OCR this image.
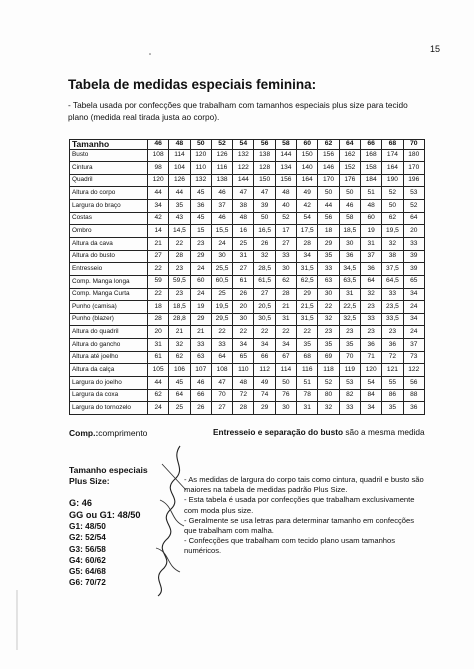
15
Tabela de medidas especiais feminina:

- Tabela usada por confecções que trabalham com tamanhos especiais plus size para tecido plano (medida real tirada justa ao corpo).

Tamanho	46	48	50	52	54	56	58	60	62	64	66	68	70
Busto	108	114	120	126	132	138	144	150	156	162	168	174	180
Cintura	98	104	110	116	122	128	134	140	146	152	158	164	170
Quadril	120	126	132	138	144	150	156	164	170	176	184	190	196
Altura do corpo	44	44	45	46	47	47	48	49	50	50	51	52	53
Largura do braço	34	35	36	37	38	39	40	42	44	46	48	50	52
Costas	42	43	45	46	48	50	52	54	56	58	60	62	64
Ombro	14	14,5	15	15,5	16	16,5	17	17,5	18	18,5	19	19,5	20
Altura da cava	21	22	23	24	25	26	27	28	29	30	31	32	33
Altura do busto	27	28	29	30	31	32	33	34	35	36	37	38	39
Entresseio	22	23	24	25,5	27	28,5	30	31,5	33	34,5	36	37,5	39
Comp. Manga longa	59	59,5	60	60,5	61	61,5	62	62,5	63	63,5	64	64,5	65
Comp. Manga Curta	22	23	24	25	26	27	28	29	30	31	32	33	34
Punho (camisa)	18	18,5	19	19,5	20	20,5	21	21,5	22	22,5	23	23,5	24
Punho (blazer)	28	28,8	29	29,5	30	30,5	31	31,5	32	32,5	33	33,5	34
Altura do quadril	20	21	21	22	22	22	22	22	23	23	23	23	24
Altura do gancho	31	32	33	33	34	34	34	35	35	35	36	36	37
Altura até joelho	61	62	63	64	65	66	67	68	69	70	71	72	73
Altura da calça	105	106	107	108	110	112	114	116	118	119	120	121	122
Largura do joelho	44	45	46	47	48	49	50	51	52	53	54	55	56
Largura da coxa	62	64	66	70	72	74	76	78	80	82	84	86	88
Largura do tornozelo	24	25	26	27	28	29	30	31	32	33	34	35	36
Comp.:comprimento	Entresseio e separação do busto são a mesma medida
Tamanho especiais
Plus Size:
G: 46
GG ou G1: 48/50
G1: 48/50
G2: 52/54
G3: 56/58
G4: 60/62
G5: 64/68
G6: 70/72

- As medidas de largura do corpo tais como cintura, quadril e busto são maiores na tabela de medidas padrão Plus Size.

- Esta tabela é usada por confecções que trabalham exclusivamente com moda plus size.

- Geralmente se usa letras para determinar tamanho em confecções que trabalham com malha.

- Confecções que trabalham com tecido plano usam tamanhos numéricos.
